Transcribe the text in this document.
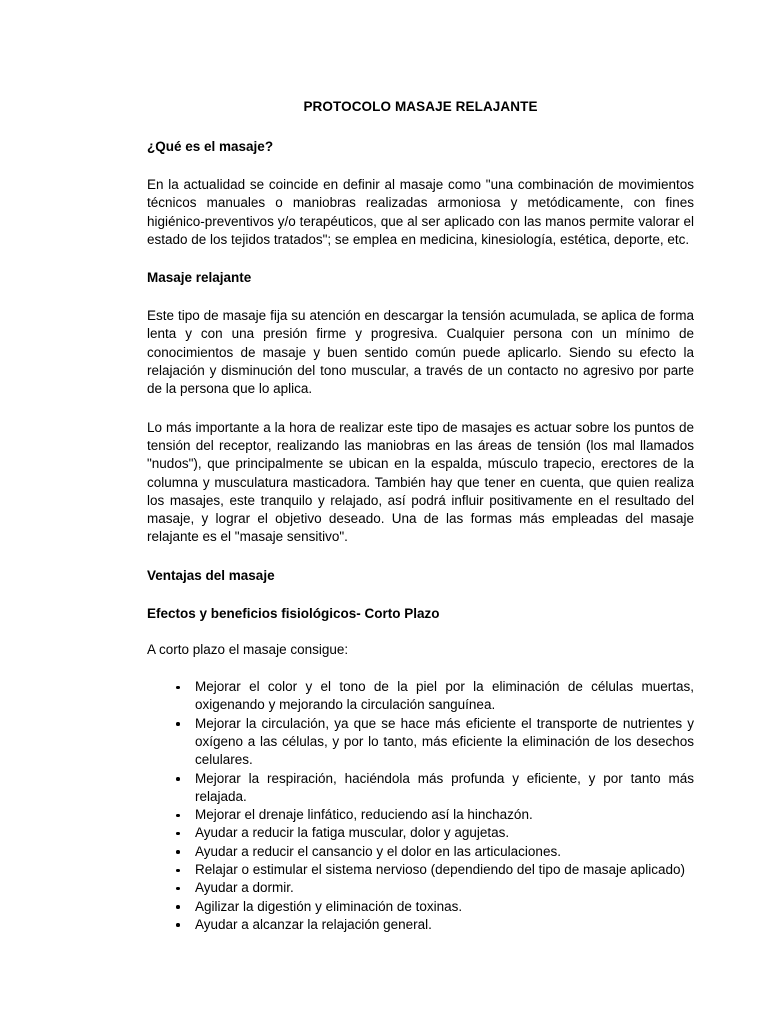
PROTOCOLO MASAJE RELAJANTE
¿Qué es el masaje?

En la actualidad se coincide en definir al masaje como "una combinación de movimientos técnicos manuales o maniobras realizadas armoniosa y metódicamente, con fines higiénico-preventivos y/o terapéuticos, que al ser aplicado con las manos permite valorar el estado de los tejidos tratados"; se emplea en medicina, kinesiología, estética, deporte, etc.

Masaje relajante

Este tipo de masaje fija su atención en descargar la tensión acumulada, se aplica de forma lenta y con una presión firme y progresiva. Cualquier persona con un mínimo de conocimientos de masaje y buen sentido común puede aplicarlo. Siendo su efecto la relajación y disminución del tono muscular, a través de un contacto no agresivo por parte de la persona que lo aplica.

Lo más importante a la hora de realizar este tipo de masajes es actuar sobre los puntos de tensión del receptor, realizando las maniobras en las áreas de tensión (los mal llamados "nudos"), que principalmente se ubican en la espalda, músculo trapecio, erectores de la columna y musculatura masticadora. También hay que tener en cuenta, que quien realiza los masajes, este tranquilo y relajado, así podrá influir positivamente en el resultado del masaje, y lograr el objetivo deseado. Una de las formas más empleadas del masaje relajante es el "masaje sensitivo".

Ventajas del masaje
Efectos y beneficios fisiológicos- Corto Plazo

A corto plazo el masaje consigue:

Mejorar el color y el tono de la piel por la eliminación de células muertas, oxigenando y mejorando la circulación sanguínea.
Mejorar la circulación, ya que se hace más eficiente el transporte de nutrientes y oxígeno a las células, y por lo tanto, más eficiente la eliminación de los desechos celulares.
Mejorar la respiración, haciéndola más profunda y eficiente, y por tanto más relajada.
Mejorar el drenaje linfático, reduciendo así la hinchazón.
Ayudar a reducir la fatiga muscular, dolor y agujetas.
Ayudar a reducir el cansancio y el dolor en las articulaciones.
Relajar o estimular el sistema nervioso (dependiendo del tipo de masaje aplicado)
Ayudar a dormir.
Agilizar la digestión y eliminación de toxinas.
Ayudar a alcanzar la relajación general.
